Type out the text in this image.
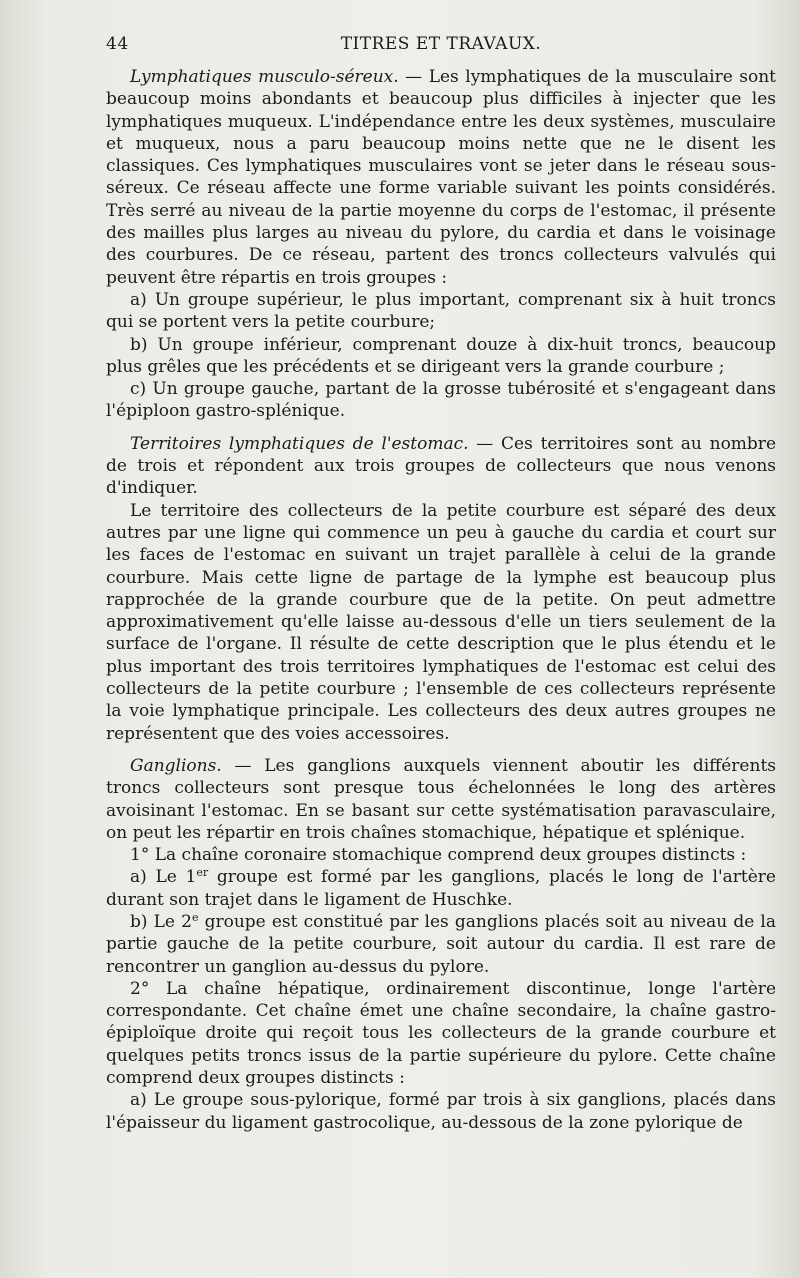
44	TITRES ET TRAVAUX.

Lymphatiques musculo-séreux. — Les lymphatiques de la musculaire sont beaucoup moins abondants et beaucoup plus difficiles à injecter que les lymphatiques muqueux. L'indépendance entre les deux systèmes, musculaire et muqueux, nous a paru beaucoup moins nette que ne le disent les classiques. Ces lymphatiques musculaires vont se jeter dans le réseau sous-séreux. Ce réseau affecte une forme variable suivant les points considérés. Très serré au niveau de la partie moyenne du corps de l'estomac, il présente des mailles plus larges au niveau du pylore, du cardia et dans le voisinage des courbures. De ce réseau, partent des troncs collecteurs valvulés qui peuvent être répartis en trois groupes :

a) Un groupe supérieur, le plus important, comprenant six à huit troncs qui se portent vers la petite courbure;

b) Un groupe inférieur, comprenant douze à dix-huit troncs, beaucoup plus grêles que les précédents et se dirigeant vers la grande courbure ;

c) Un groupe gauche, partant de la grosse tubérosité et s'engageant dans l'épiploon gastro-splénique.

Territoires lymphatiques de l'estomac. — Ces territoires sont au nombre de trois et répondent aux trois groupes de collecteurs que nous venons d'indiquer.

Le territoire des collecteurs de la petite courbure est séparé des deux autres par une ligne qui commence un peu à gauche du cardia et court sur les faces de l'estomac en suivant un trajet parallèle à celui de la grande courbure. Mais cette ligne de partage de la lymphe est beaucoup plus rapprochée de la grande courbure que de la petite. On peut admettre approximativement qu'elle laisse au-dessous d'elle un tiers seulement de la surface de l'organe. Il résulte de cette description que le plus étendu et le plus important des trois territoires lymphatiques de l'estomac est celui des collecteurs de la petite courbure ; l'ensemble de ces collecteurs représente la voie lymphatique principale. Les collecteurs des deux autres groupes ne représentent que des voies accessoires.

Ganglions. — Les ganglions auxquels viennent aboutir les différents troncs collecteurs sont presque tous échelonnées le long des artères avoisinant l'estomac. En se basant sur cette systématisation paravasculaire, on peut les répartir en trois chaînes stomachique, hépatique et splénique.

1° La chaîne coronaire stomachique comprend deux groupes distincts :

a) Le 1er groupe est formé par les ganglions, placés le long de l'artère durant son trajet dans le ligament de Huschke.

b) Le 2e groupe est constitué par les ganglions placés soit au niveau de la partie gauche de la petite courbure, soit autour du cardia. Il est rare de rencontrer un ganglion au-dessus du pylore.

2° La chaîne hépatique, ordinairement discontinue, longe l'artère correspondante. Cet chaîne émet une chaîne secondaire, la chaîne gastro-épiploïque droite qui reçoit tous les collecteurs de la grande courbure et quelques petits troncs issus de la partie supérieure du pylore. Cette chaîne comprend deux groupes distincts :

a) Le groupe sous-pylorique, formé par trois à six ganglions, placés dans l'épaisseur du ligament gastrocolique, au-dessous de la zone pylorique de
